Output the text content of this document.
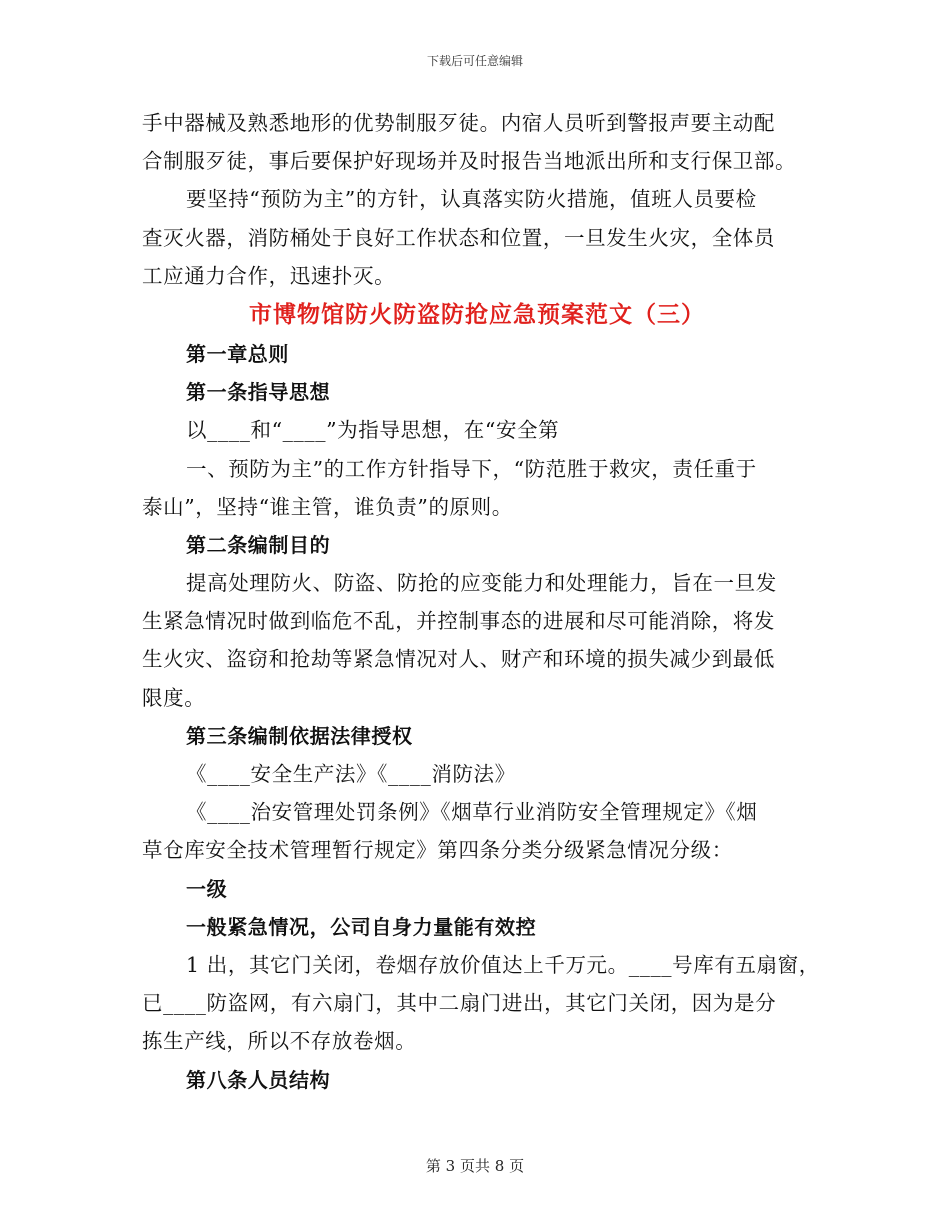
下载后可任意编辑
手中器械及熟悉地形的优势制服歹徒。内宿人员听到警报声要主动配
合制服歹徒，事后要保护好现场并及时报告当地派出所和支行保卫部。
要坚持“预防为主”的方针，认真落实防火措施，值班人员要检
查灭火器，消防桶处于良好工作状态和位置，一旦发生火灾，全体员
工应通力合作，迅速扑灭。
市博物馆防火防盗防抢应急预案范文（三）
第一章总则
第一条指导思想
以____和“____”为指导思想，在“安全第
一、预防为主”的工作方针指导下，“防范胜于救灾，责任重于
泰山”，坚持“谁主管，谁负责”的原则。
第二条编制目的
提高处理防火、防盗、防抢的应变能力和处理能力，旨在一旦发
生紧急情况时做到临危不乱，并控制事态的进展和尽可能消除，将发
生火灾、盗窃和抢劫等紧急情况对人、财产和环境的损失减少到最低
限度。
第三条编制依据法律授权
《____安全生产法》《____消防法》
《____治安管理处罚条例》《烟草行业消防安全管理规定》《烟
草仓库安全技术管理暂行规定》第四条分类分级紧急情况分级：
一级
一般紧急情况，公司自身力量能有效控
1 出，其它门关闭，卷烟存放价值达上千万元。____号库有五扇窗，
已____防盗网，有六扇门，其中二扇门进出，其它门关闭，因为是分
拣生产线，所以不存放卷烟。
第八条人员结构
第 3 页共 8 页
